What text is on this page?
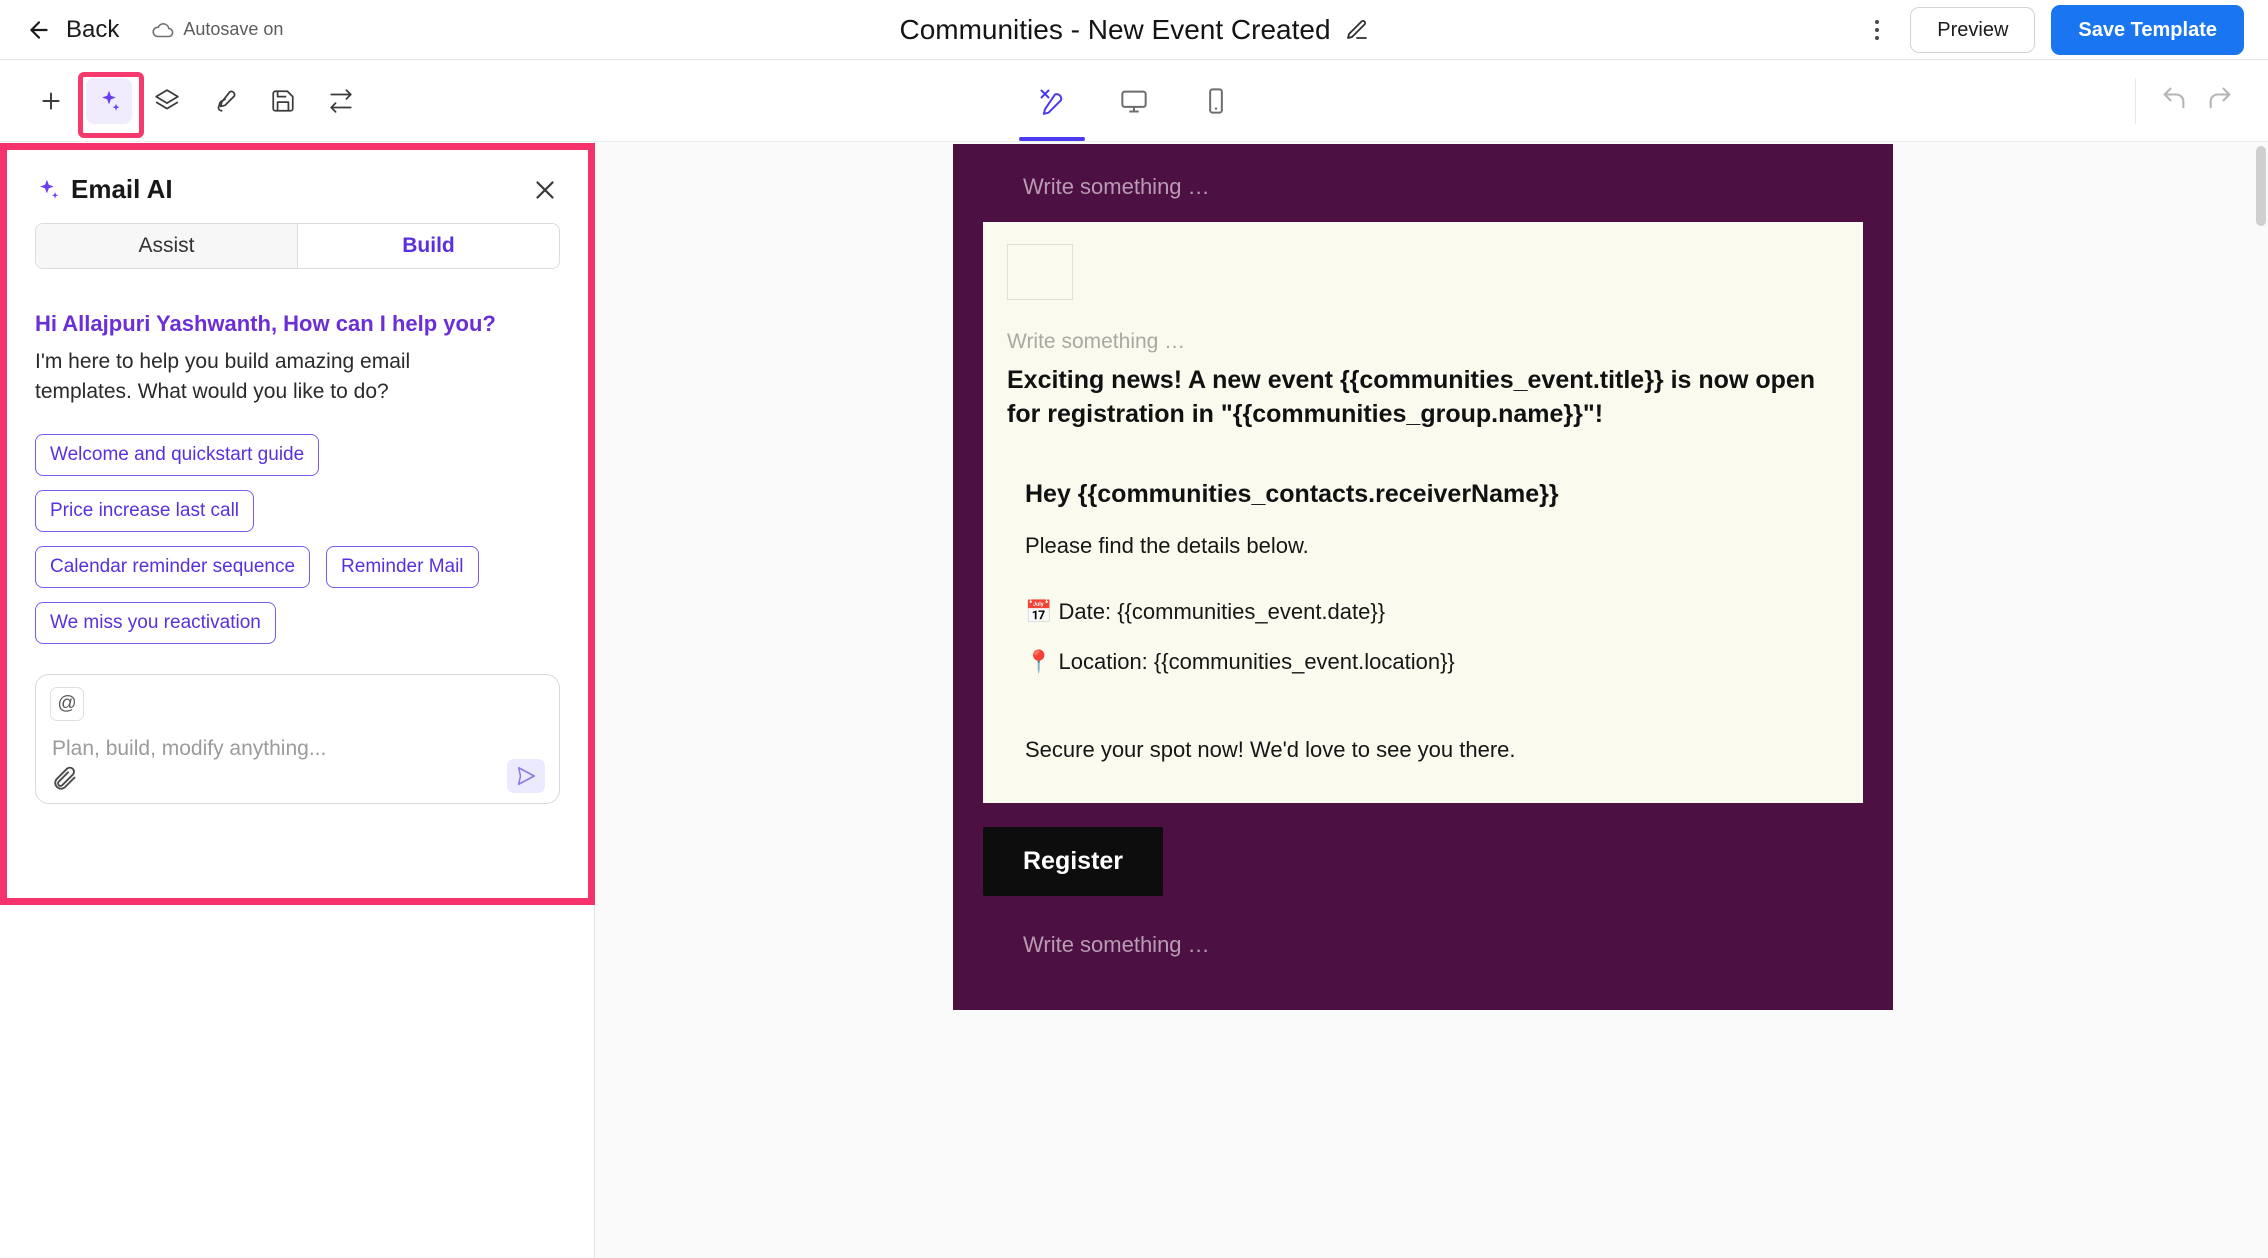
Back	Autosave on	Communities - New Event Created	Preview	Save Template
Email AI
Assist	Build
Hi Allajpuri Yashwanth, How can I help you?
I'm here to help you build amazing email templates. What would you like to do?
Welcome and quickstart guide
Price increase last call
Calendar reminder sequence	Reminder Mail
We miss you reactivation
@
Plan, build, modify anything...
Write something …
Write something …
Exciting news! A new event {{communities_event.title}} is now open for registration in "{{communities_group.name}}"!
Hey {{communities_contacts.receiverName}}
Please find the details below.
📅 Date: {{communities_event.date}}
📍 Location: {{communities_event.location}}
Secure your spot now! We'd love to see you there.
Register
Write something …
